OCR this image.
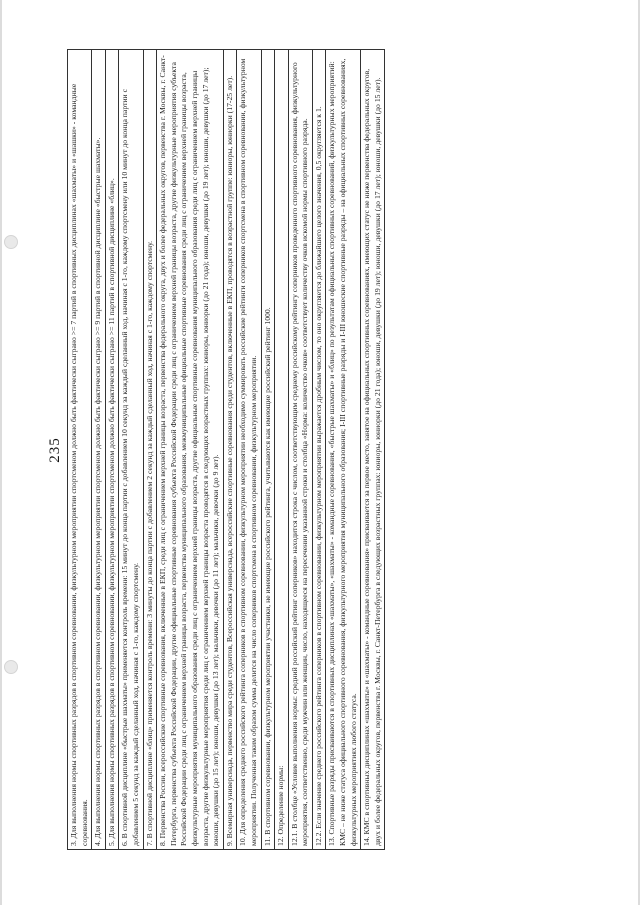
235 3. Для выполнения нормы спортивных разрядов в спортивном соревновании, физкультурном мероприятии спортсменом должно быть фактически сыграно >= 7 партий в спортивных дисциплинах «шахматы» и «шашки» - командные соревнования.
4. Для выполнения нормы спортивных разрядов в спортивном соревновании, физкультурном мероприятии спортсменом должно быть фактически сыграно >= 9 партий в спортивной дисциплине «быстрые шахматы».
5. Для выполнения нормы спортивных разрядов в спортивном соревновании, физкультурном мероприятии спортсменом должно быть фактически сыграно >= 11 партий в спортивной дисциплине «блиц».
6. В спортивной дисциплине «быстрые шахматы» применяется контроль времени: 15 минут до конца партии с добавлением 10 секунд за каждый сделанный ход, начиная с 1-го, каждому спортсмену или 10 минут до конца партии с добавлением 5 секунд за каждый сделанный ход, начиная с 1-го, каждому спортсмену.
7. В спортивной дисциплине «блиц» применяется контроль времени: 3 минуты до конца партии с добавлением 2 секунд за каждый сделанный ход, начиная с 1-го, каждому спортсмену.
8. Первенства России, всероссийские спортивные соревнования, включенные в ЕКП, среди лиц с ограничением верхней границы возраста, первенства федерального округа, двух и более федеральных округов, первенства г. Москвы, г. Санкт-Петербурга, первенства субъекта Российской Федерации, другие официальные спортивные соревнования субъекта Российской Федерации среди лиц с ограничением верхней границы возраста, другие физкультурные мероприятия субъекта Российской Федерации среди лиц с ограничением верхней границы возраста, первенства муниципального образования, межмуниципальные официальные спортивные соревнования среди лиц с ограничением верхней границы возраста, физкультурные мероприятия муниципального образования среди лиц с ограничением верхней границы возраста, другие официальные спортивные соревнования муниципального образования среди лиц с ограничением верхней границы возраста, другие физкультурные мероприятия среди лиц с ограничением верхней границы возраста проводятся в следующих возрастных группах: юниоры, юниорки (до 21 года); юноши, девушки (до 19 лет); юноши, девушки (до 17 лет); юноши, девушки (до 15 лет); юноши, девушки (до 13 лет); мальчики, девочки (до 11 лет); мальчики, девочки (до 9 лет).
9. Всемирная универсиада, первенство мира среди студентов, Всероссийская универсиада, всероссийские спортивные соревнования среди студентов, включенные в ЕКП, проводятся в возрастной группе: юниоры, юниорки (17-25 лет).
10. Для определения среднего российского рейтинга соперников в спортивном соревновании, физкультурном мероприятии необходимо суммировать российские рейтинги соперников спортсмена в спортивном соревновании, физкультурном мероприятии. Полученная таким образом сумма делится на число соперников спортсмена в спортивном соревновании, физкультурном мероприятии.
11. В спортивном соревновании, физкультурном мероприятии участники, не имеющие российского рейтинга, учитываются как имеющие российский рейтинг 1000.
12. Определение нормы:
12.1. В столбце «Условие выполнения нормы: средний российский рейтинг соперников» находится строка с числом, соответствующим среднему российскому рейтингу соперников проведенного спортивного соревнования, физкультурного мероприятия, соответственно, среди мужчин или женщин, число, находящееся на пересечении указанной строки и столбца «Норма: количество очков» соответствует количеству очков искомой нормы спортивного разряда.
12.2. Если значение среднего российского рейтинга соперников в спортивном соревновании, физкультурном мероприятии выражается дробным числом, то оно округляется до ближайшего целого значения, 0,5 округляется к 1.
13. Спортивные разряды присваиваются в спортивных дисциплинах «шахматы», «шахматы» - командные соревнования, «быстрые шахматы» и «блиц» по результатам официальных спортивных соревнований, физкультурных мероприятий: КМС – не ниже статуса официального спортивного соревнования, физкультурного мероприятия муниципального образования; I-III спортивные разряды и I-III юношеские спортивные разряды – на официальных спортивных соревнованиях, физкультурных мероприятиях любого статуса.
14. КМС в спортивных дисциплинах «шахматы» и «шахматы» - командные соревнования» присваивается за первое место, занятое на официальных спортивных соревнованиях, имеющих статус не ниже первенства федеральных округов, двух и более федеральных округов, первенства г. Москвы, г. Санкт-Петербурга в следующих возрастных группах: юниоры, юниорки (до 21 года); юноши, девушки (до 19 лет); юноши, девушки (до 17 лет); юноши, девушки (до 15 лет).
